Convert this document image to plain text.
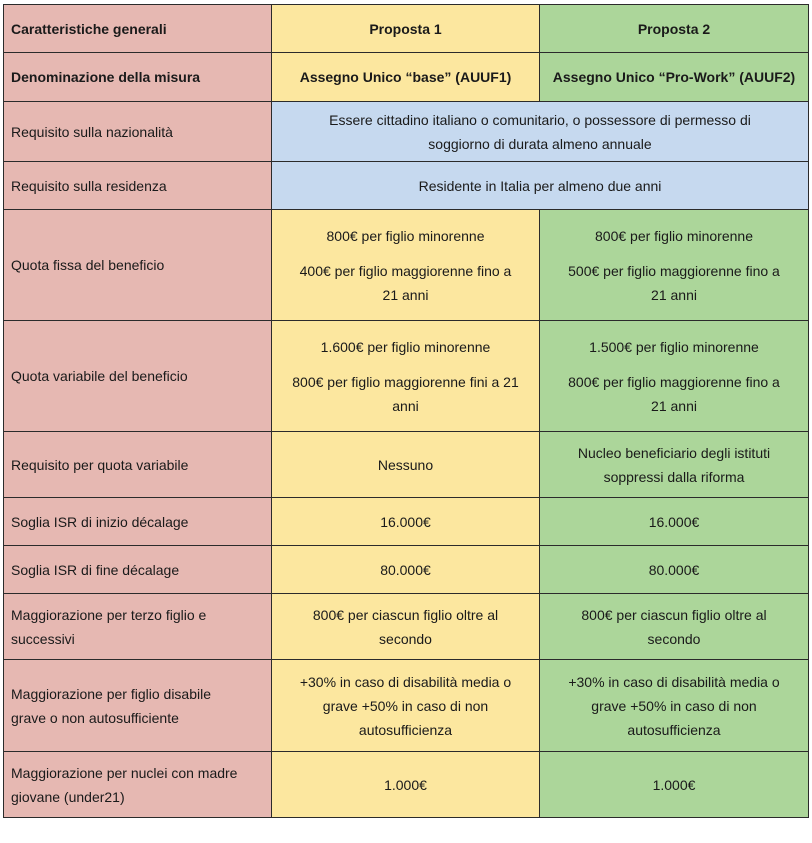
Caratteristiche generali	Proposta 1	Proposta 2
Denominazione della misura	Assegno Unico “base” (AUUF1)	Assegno Unico “Pro-Work” (AUUF2)
Requisito sulla nazionalità	Essere cittadino italiano o comunitario, o possessore di permesso di
soggiorno di durata almeno annuale	

Requisito sulla residenza	Residente in Italia per almeno due anni	
Quota fissa del beneficio	800€ per figlio minorenne
400€ per figlio maggiorenne fino a
21 anni	800€ per figlio minorenne
500€ per figlio maggiorenne fino a
21 anni

Quota variabile del beneficio	1.600€ per figlio minorenne
800€ per figlio maggiorenne fini a 21
anni	1.500€ per figlio minorenne
800€ per figlio maggiorenne fino a
21 anni

Requisito per quota variabile	Nessuno	Nucleo beneficiario degli istituti
soppressi dalla riforma

Soglia ISR di inizio décalage	16.000€	16.000€
Soglia ISR di fine décalage	80.000€	80.000€

Maggiorazione per terzo figlio e
successivi	800€ per ciascun figlio oltre al
secondo	800€ per ciascun figlio oltre al
secondo

Maggiorazione per figlio disabile
grave o non autosufficiente	+30% in caso di disabilità media o
grave +50% in caso di non
autosufficienza	+30% in caso di disabilità media o
grave +50% in caso di non
autosufficienza

Maggiorazione per nuclei con madre
giovane (under21)	1.000€	1.000€
